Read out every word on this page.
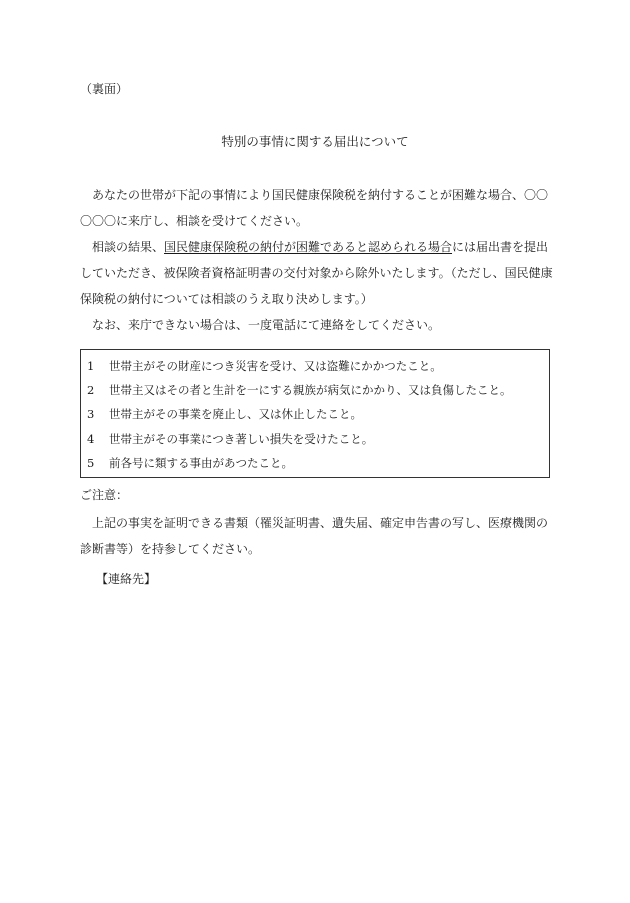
（裏面）

特別の事情に関する届出について

あなたの世帯が下記の事情により国民健康保険税を納付することが困難な場合、〇〇〇〇〇に来庁し、相談を受けてください。

相談の結果、国民健康保険税の納付が困難であると認められる場合には届出書を提出していただき、被保険者資格証明書の交付対象から除外いたします。（ただし、国民健康保険税の納付については相談のうえ取り決めします。）

なお、来庁できない場合は、一度電話にて連絡をしてください。

1	世帯主がその財産につき災害を受け、又は盗難にかかつたこと。
2	世帯主又はその者と生計を一にする親族が病気にかかり、又は負傷したこと。
3	世帯主がその事業を廃止し、又は休止したこと。
4	世帯主がその事業につき著しい損失を受けたこと。
5	前各号に類する事由があつたこと。

ご注意：

上記の事実を証明できる書類（罹災証明書、遺失届、確定申告書の写し、医療機関の診断書等）を持参してください。

【連絡先】
